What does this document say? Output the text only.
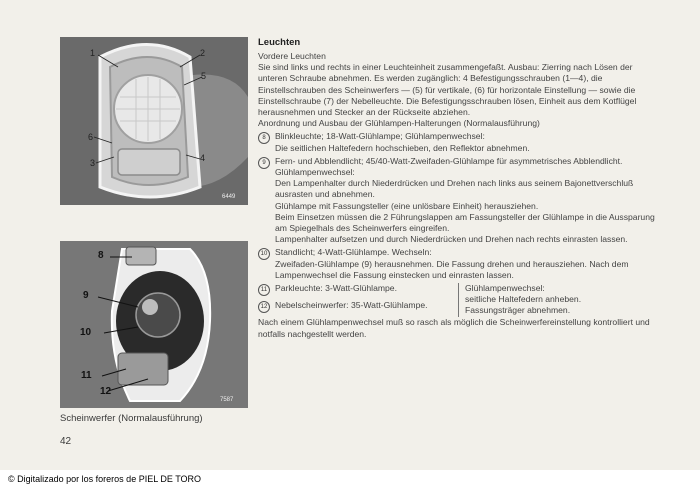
1	2
5
6
3	4
6449
8
9
10
11
12
7587
Scheinwerfer (Normalausführung)
42

Leuchten

Vordere Leuchten

Sie sind links und rechts in einer Leuchteinheit zusammengefaßt. Ausbau: Zierring nach Lösen der unteren Schraube abnehmen. Es werden zugänglich: 4 Befestigungsschrauben (1—4), die Einstellschrauben des Scheinwerfers — (5) für vertikale, (6) für horizontale Einstellung — sowie die Einstellschraube (7) der Nebelleuchte. Die Befestigungsschrauben lösen, Einheit aus dem Kotflügel herausnehmen und Stecker an der Rückseite abziehen.

Anordnung und Ausbau der Glühlampen-Halterungen (Normalausführung)

8	Blinkleuchte; 18-Watt-Glühlampe; Glühlampenwechsel:

Die seitlichen Haltefedern hochschieben, den Reflektor abnehmen.

9	Fern- und Abblendlicht; 45/40-Watt-Zweifaden-Glühlampe für asymmetrisches Abblendlicht. Glühlampenwechsel:

Den Lampenhalter durch Niederdrücken und Drehen nach links aus seinem Bajonettverschluß ausrasten und abnehmen.

Glühlampe mit Fassungsteller (eine unlösbare Einheit) herausziehen.

Beim Einsetzen müssen die 2 Führungslappen am Fassungsteller der Glühlampe in die Aussparung am Spiegelhals des Scheinwerfers eingreifen.

Lampenhalter aufsetzen und durch Niederdrücken und Drehen nach rechts einrasten lassen.

10 Standlicht; 4-Watt-Glühlampe. Wechseln:

Zweifaden-Glühlampe (9) herausnehmen. Die Fassung drehen und herausziehen. Nach dem Lampenwechsel die Fassung einstecken und einrasten lassen.

11 Parkleuchte: 3-Watt-Glühlampe.

12 Nebelscheinwerfer: 35-Watt-Glühlampe.

Glühlampenwechsel:

seitliche Haltefedern anheben.

Fassungsträger abnehmen.

Nach einem Glühlampenwechsel muß so rasch als möglich die Scheinwerfereinstellung kontrolliert und notfalls nachgestellt werden.

© Digitalizado por los foreros de PIEL DE TORO
